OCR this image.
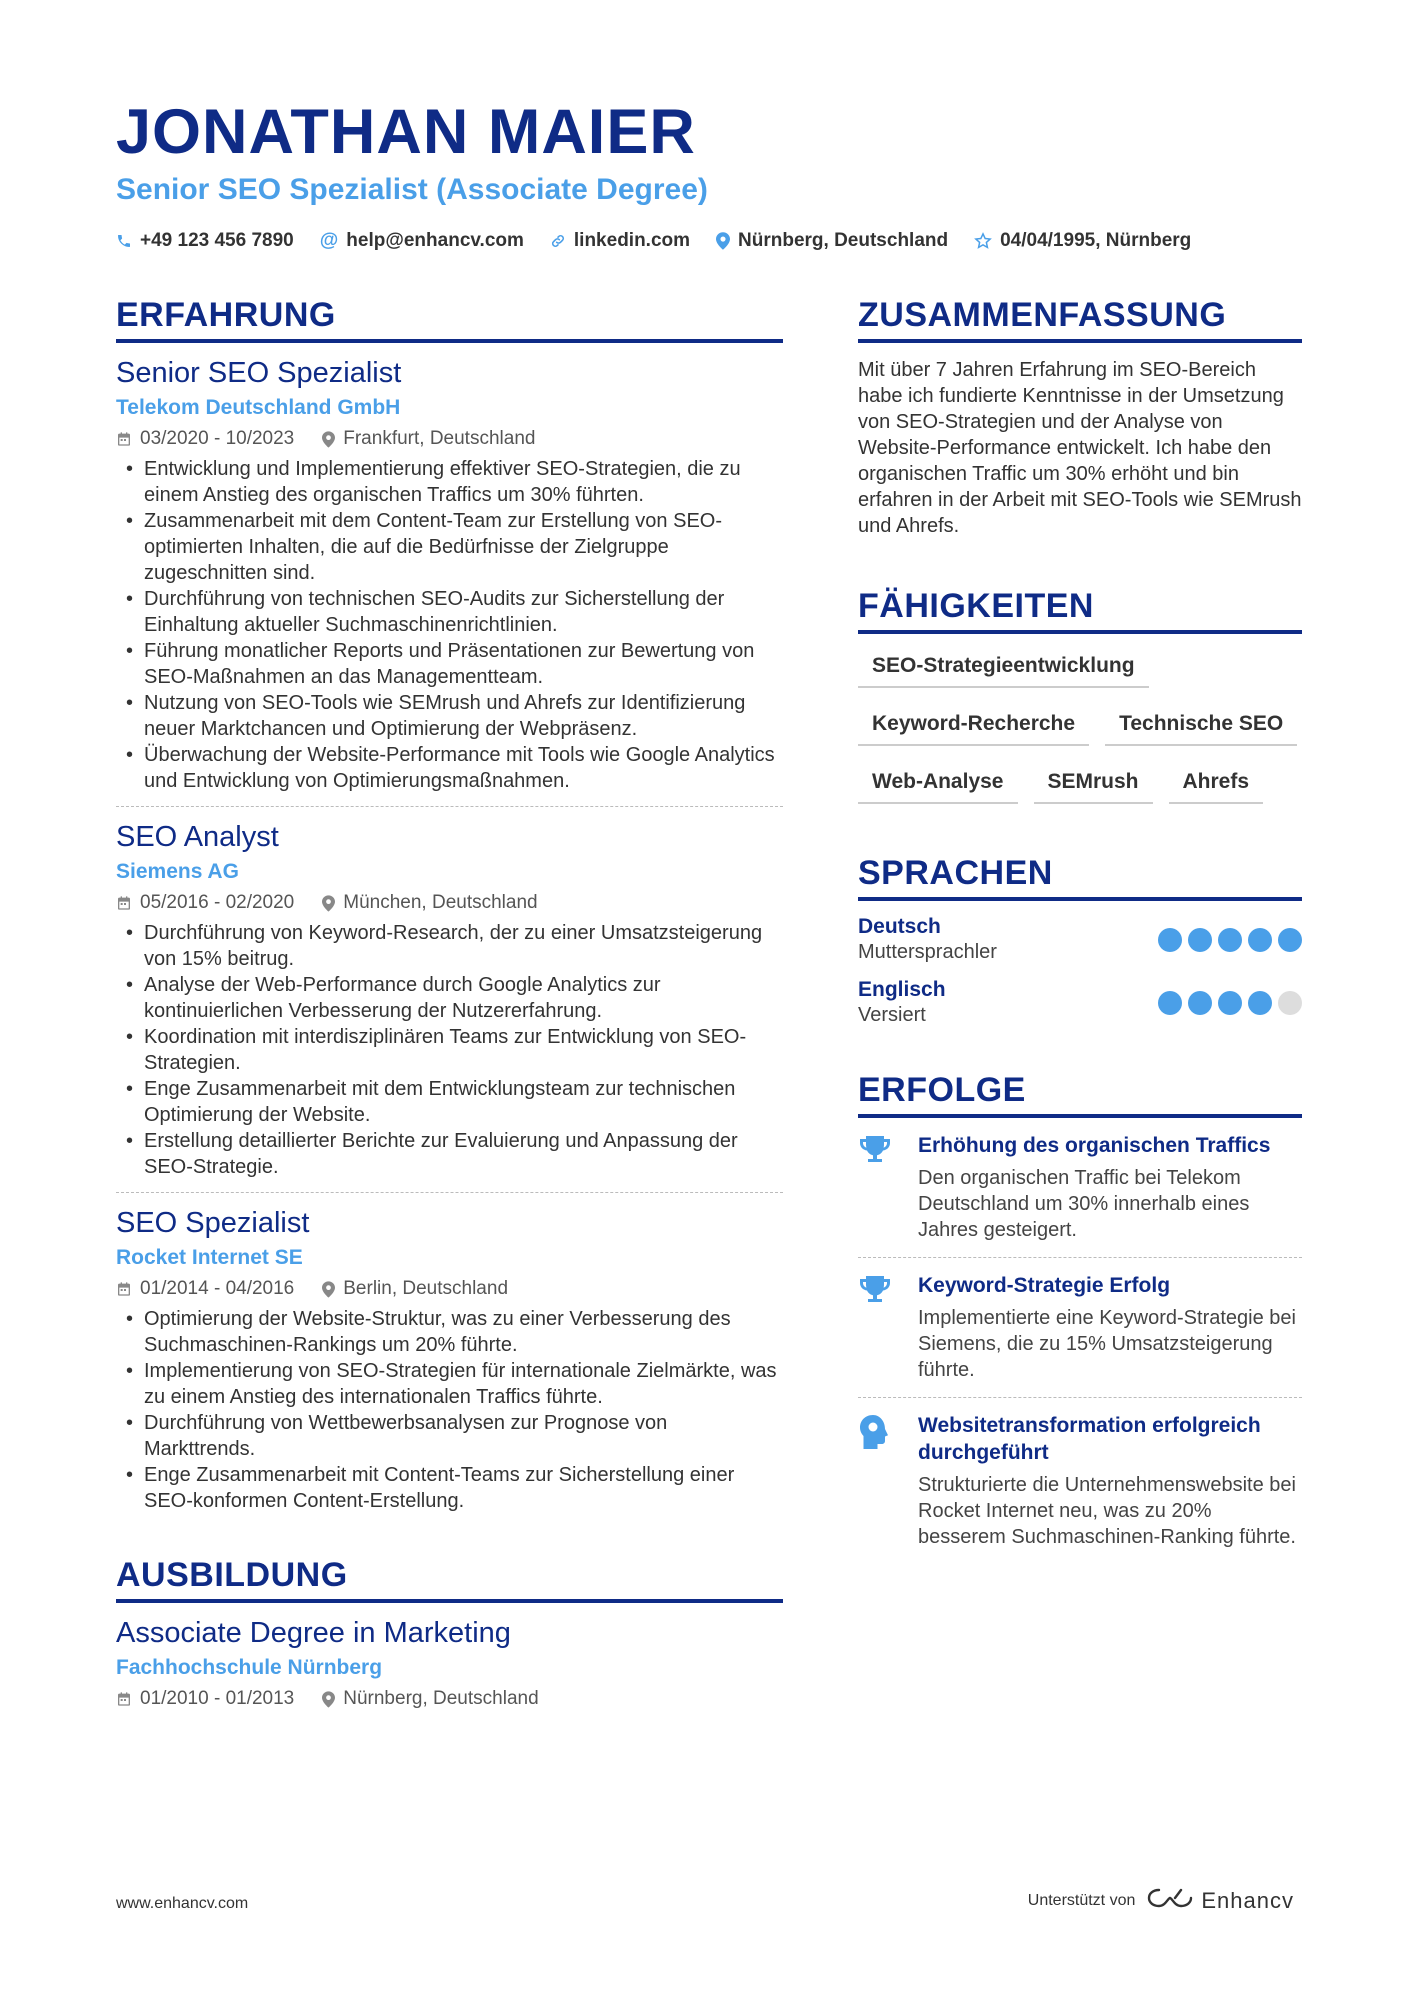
JONATHAN MAIER
Senior SEO Spezialist (Associate Degree)
+49 123 456 7890 @ help@enhancv.com	linkedin.com	Nürnberg, Deutschland	04/04/1995, Nürnberg
ERFAHRUNG
Senior SEO Spezialist
Telekom Deutschland GmbH
03/2020 - 10/2023	Frankfurt, Deutschland
• Entwicklung und Implementierung effektiver SEO-Strategien, die zu einem Anstieg des organischen Traffics um 30% führten.
• Zusammenarbeit mit dem Content-Team zur Erstellung von SEO-optimierten Inhalten, die auf die Bedürfnisse der Zielgruppe zugeschnitten sind.
• Durchführung von technischen SEO-Audits zur Sicherstellung der Einhaltung aktueller Suchmaschinenrichtlinien.
• Führung monatlicher Reports und Präsentationen zur Bewertung von SEO-Maßnahmen an das Managementteam.
• Nutzung von SEO-Tools wie SEMrush und Ahrefs zur Identifizierung neuer Marktchancen und Optimierung der Webpräsenz.
• Überwachung der Website-Performance mit Tools wie Google Analytics und Entwicklung von Optimierungsmaßnahmen.
SEO Analyst
Siemens AG
05/2016 - 02/2020	München, Deutschland
• Durchführung von Keyword-Research, der zu einer Umsatzsteigerung von 15% beitrug.
• Analyse der Web-Performance durch Google Analytics zur kontinuierlichen Verbesserung der Nutzererfahrung.
• Koordination mit interdisziplinären Teams zur Entwicklung von SEO-Strategien.
• Enge Zusammenarbeit mit dem Entwicklungsteam zur technischen Optimierung der Website.
• Erstellung detaillierter Berichte zur Evaluierung und Anpassung der SEO-Strategie.
SEO Spezialist
Rocket Internet SE
01/2014 - 04/2016	Berlin, Deutschland
• Optimierung der Website-Struktur, was zu einer Verbesserung des Suchmaschinen-Rankings um 20% führte.
• Implementierung von SEO-Strategien für internationale Zielmärkte, was zu einem Anstieg des internationalen Traffics führte.
• Durchführung von Wettbewerbsanalysen zur Prognose von Markttrends.
• Enge Zusammenarbeit mit Content-Teams zur Sicherstellung einer SEO-konformen Content-Erstellung.
AUSBILDUNG
Associate Degree in Marketing
Fachhochschule Nürnberg
01/2010 - 01/2013	Nürnberg, Deutschland
ZUSAMMENFASSUNG
Mit über 7 Jahren Erfahrung im SEO-Bereich habe ich fundierte Kenntnisse in der Umsetzung von SEO-Strategien und der Analyse von Website-Performance entwickelt. Ich habe den organischen Traffic um 30% erhöht und bin erfahren in der Arbeit mit SEO-Tools wie SEMrush und Ahrefs.
FÄHIGKEITEN
SEO-Strategieentwicklung
Keyword-Recherche	Technische SEO
Web-Analyse	SEMrush	Ahrefs
SPRACHEN
Deutsch
Muttersprachler
Englisch
Versiert
ERFOLGE
Erhöhung des organischen Traffics
Den organischen Traffic bei Telekom Deutschland um 30% innerhalb eines Jahres gesteigert.
Keyword-Strategie Erfolg
Implementierte eine Keyword-Strategie bei Siemens, die zu 15% Umsatzsteigerung führte.
Websitetransformation erfolgreich durchgeführt
Strukturierte die Unternehmenswebsite bei Rocket Internet neu, was zu 20% besserem Suchmaschinen-Ranking führte.
www.enhancv.com	Unterstützt von	Enhancv
